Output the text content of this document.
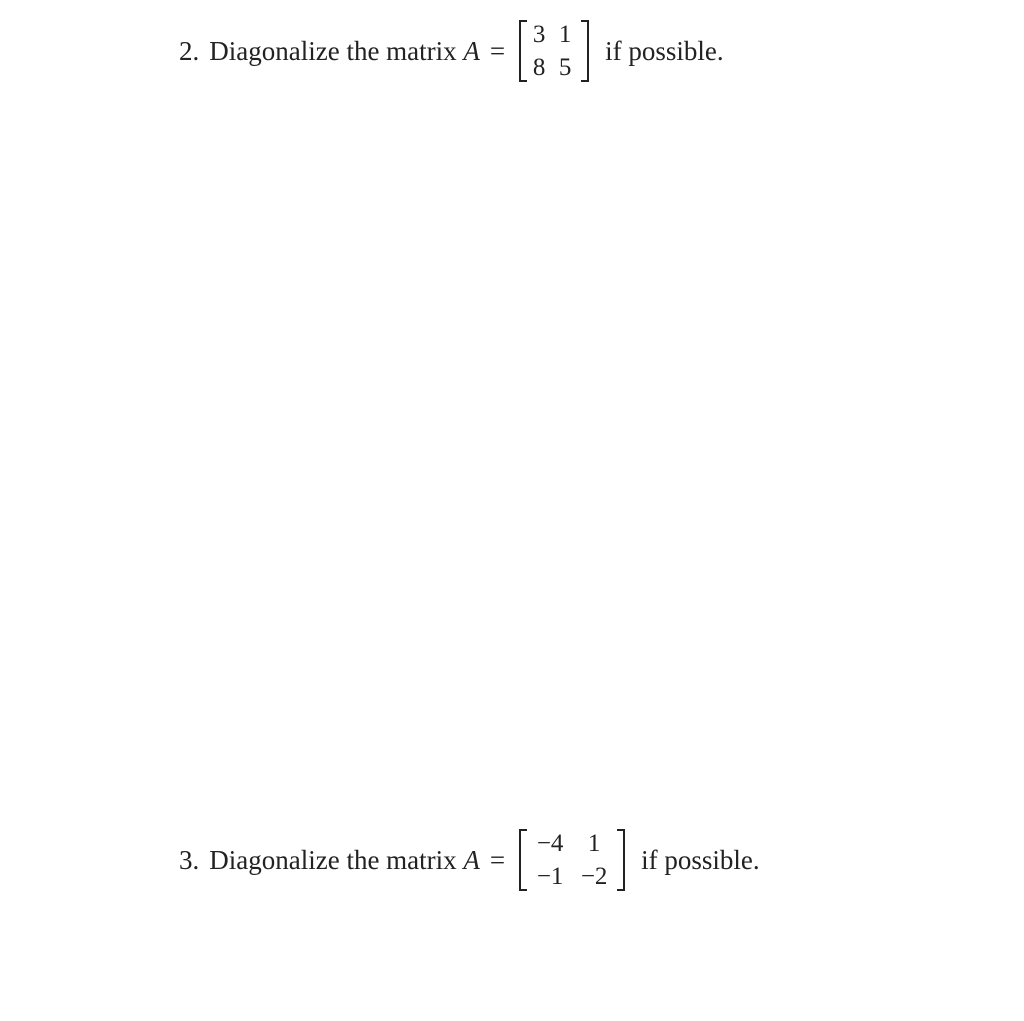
2. Diagonalize the matrix
A =
3 1
8 5
if possible.
3. Diagonalize the matrix
A =
−4 1
−1 −2
if possible.
